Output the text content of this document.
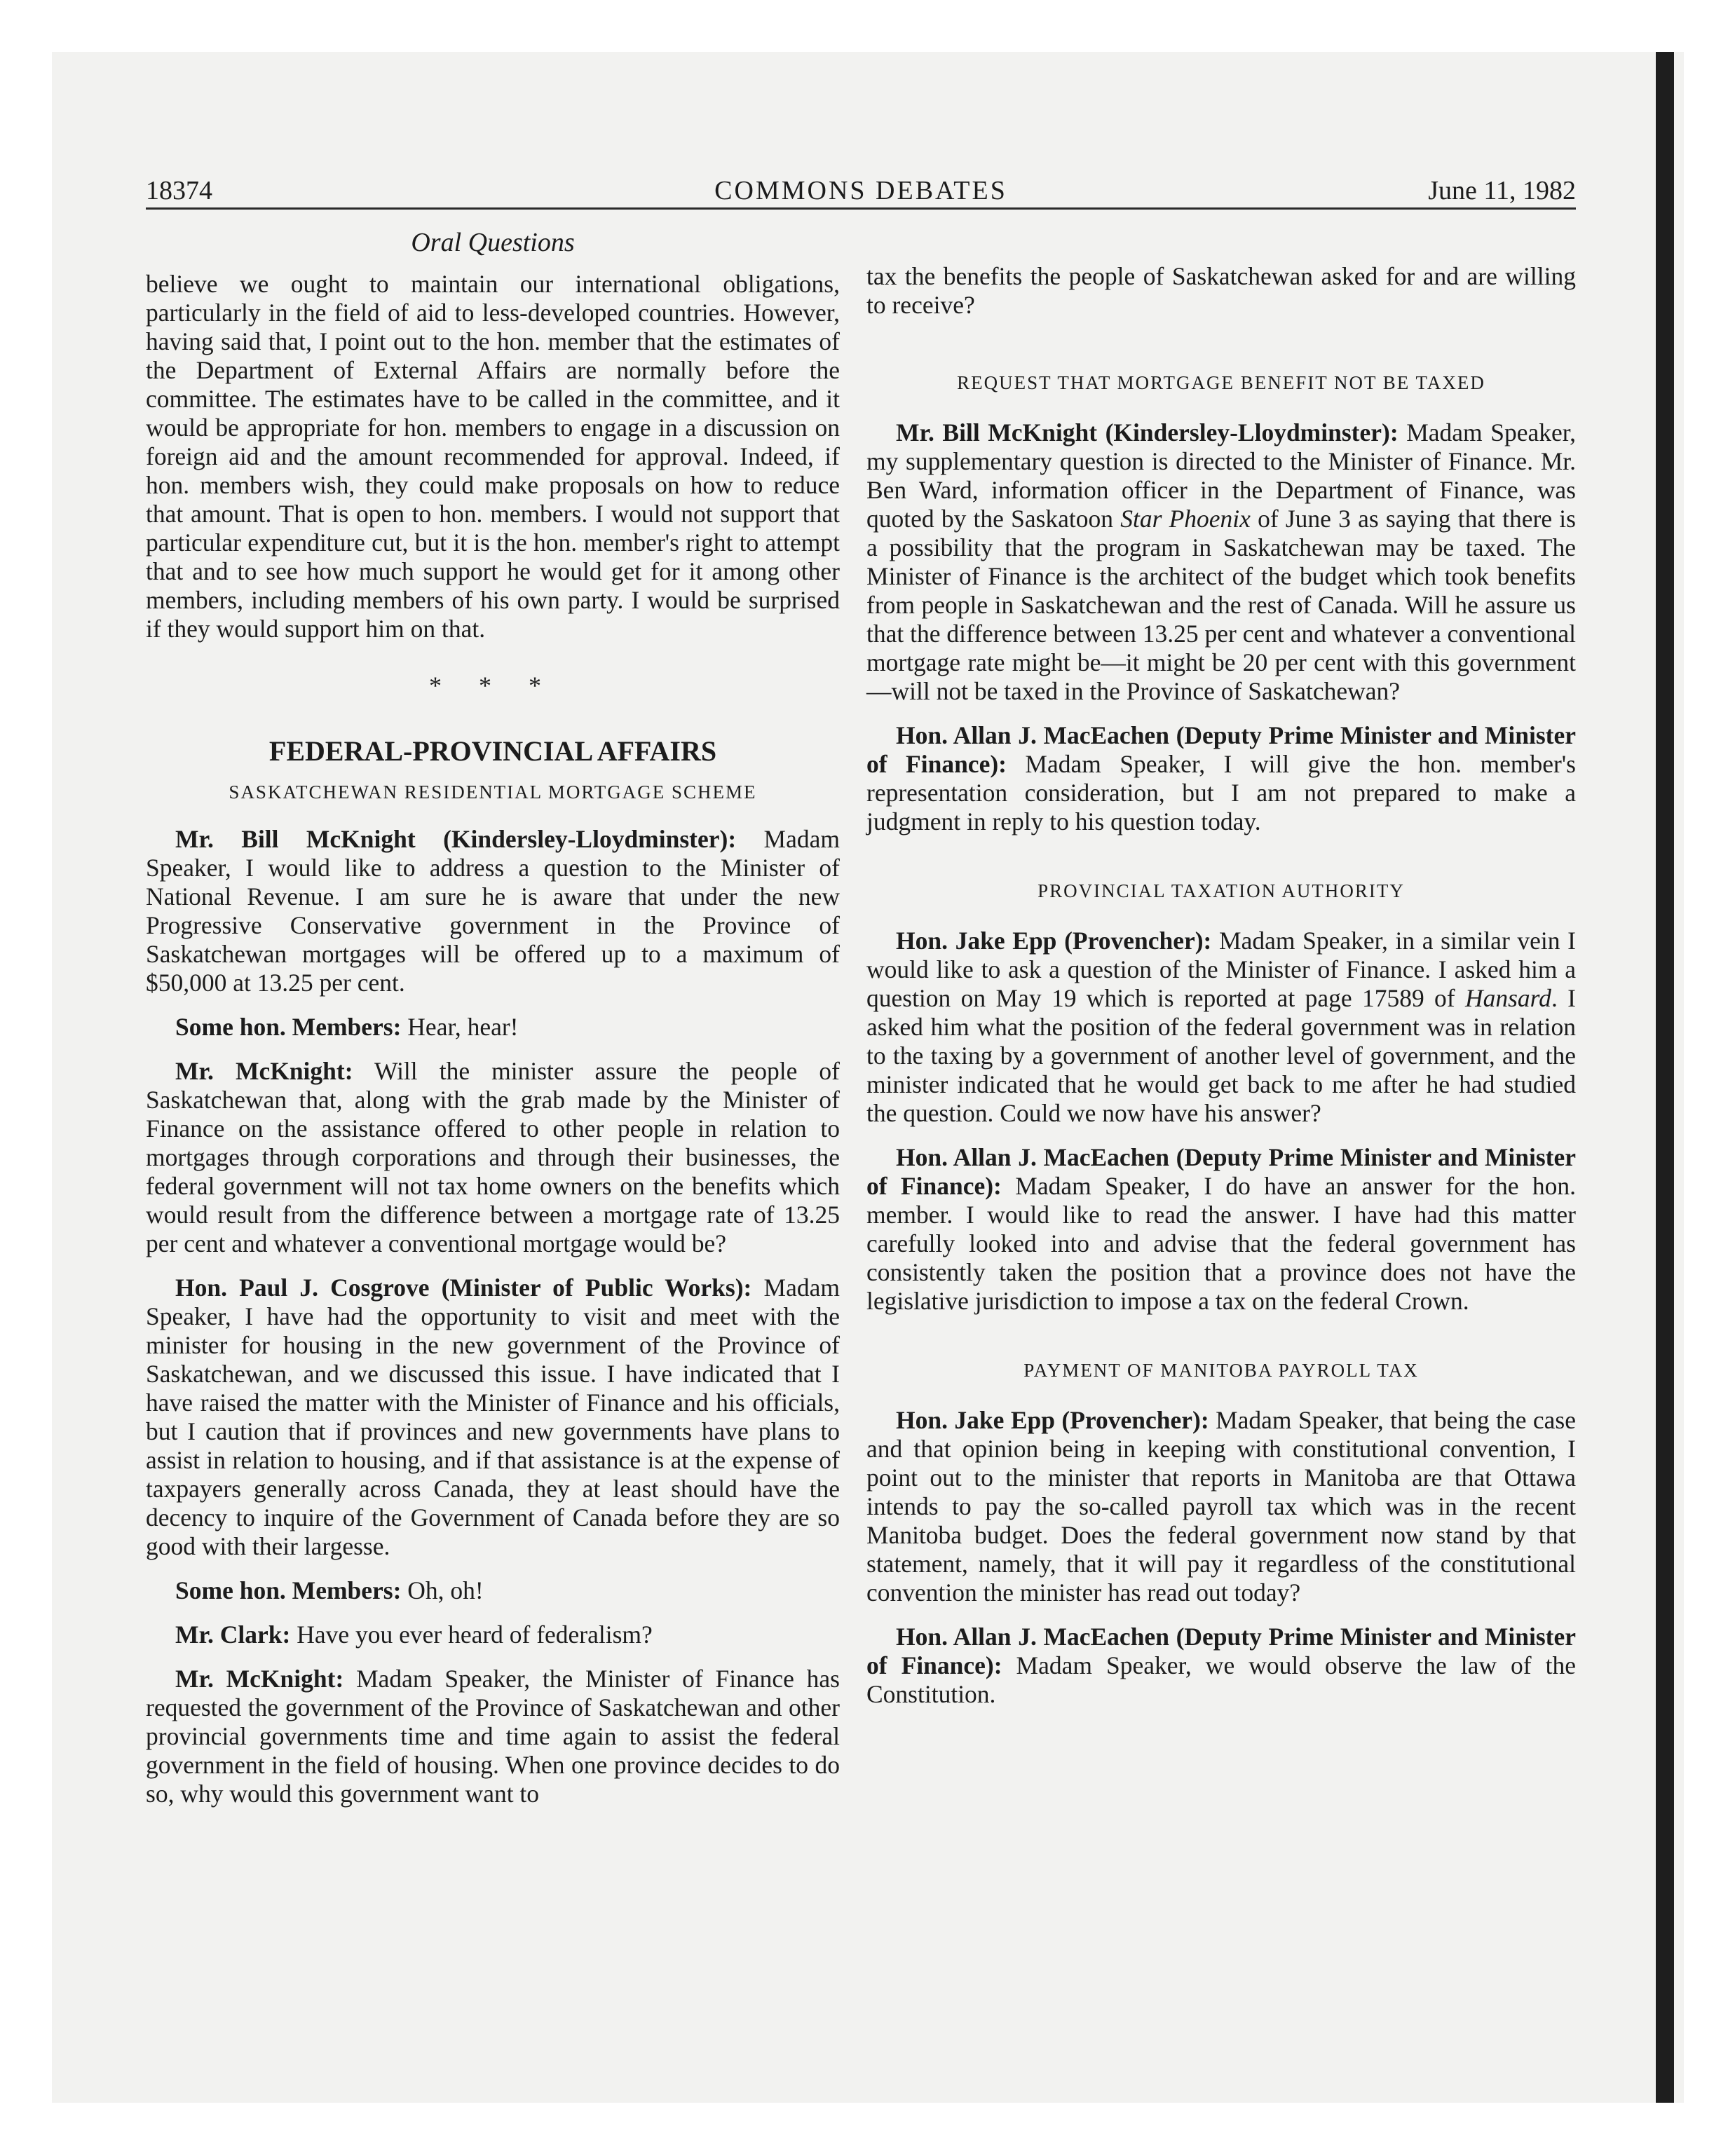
18374	COMMONS DEBATES	June 11, 1982
Oral Questions

believe we ought to maintain our international obligations, particularly in the field of aid to less-developed countries. However, having said that, I point out to the hon. member that the estimates of the Department of External Affairs are normally before the committee. The estimates have to be called in the committee, and it would be appropriate for hon. members to engage in a discussion on foreign aid and the amount recommended for approval. Indeed, if hon. members wish, they could make proposals on how to reduce that amount. That is open to hon. members. I would not support that particular expenditure cut, but it is the hon. member's right to attempt that and to see how much support he would get for it among other members, including members of his own party. I would be surprised if they would support him on that.

* * *
FEDERAL-PROVINCIAL AFFAIRS
SASKATCHEWAN RESIDENTIAL MORTGAGE SCHEME

Mr. Bill McKnight (Kindersley-Lloydminster): Madam Speaker, I would like to address a question to the Minister of National Revenue. I am sure he is aware that under the new Progressive Conservative government in the Province of Saskatchewan mortgages will be offered up to a maximum of $50,000 at 13.25 per cent.

Some hon. Members: Hear, hear!

Mr. McKnight: Will the minister assure the people of Saskatchewan that, along with the grab made by the Minister of Finance on the assistance offered to other people in relation to mortgages through corporations and through their businesses, the federal government will not tax home owners on the benefits which would result from the difference between a mortgage rate of 13.25 per cent and whatever a conventional mortgage would be?

Hon. Paul J. Cosgrove (Minister of Public Works): Madam Speaker, I have had the opportunity to visit and meet with the minister for housing in the new government of the Province of Saskatchewan, and we discussed this issue. I have indicated that I have raised the matter with the Minister of Finance and his officials, but I caution that if provinces and new governments have plans to assist in relation to housing, and if that assistance is at the expense of taxpayers generally across Canada, they at least should have the decency to inquire of the Government of Canada before they are so good with their largesse.

Some hon. Members: Oh, oh!

Mr. Clark: Have you ever heard of federalism?

Mr. McKnight: Madam Speaker, the Minister of Finance has requested the government of the Province of Saskatchewan and other provincial governments time and time again to assist the federal government in the field of housing. When one province decides to do so, why would this government want to

tax the benefits the people of Saskatchewan asked for and are willing to receive?

REQUEST THAT MORTGAGE BENEFIT NOT BE TAXED

Mr. Bill McKnight (Kindersley-Lloydminster): Madam Speaker, my supplementary question is directed to the Minister of Finance. Mr. Ben Ward, information officer in the Department of Finance, was quoted by the Saskatoon Star Phoenix of June 3 as saying that there is a possibility that the program in Saskatchewan may be taxed. The Minister of Finance is the architect of the budget which took benefits from people in Saskatchewan and the rest of Canada. Will he assure us that the difference between 13.25 per cent and whatever a conventional mortgage rate might be—it might be 20 per cent with this government—will not be taxed in the Province of Saskatchewan?

Hon. Allan J. MacEachen (Deputy Prime Minister and Minister of Finance): Madam Speaker, I will give the hon. member's representation consideration, but I am not prepared to make a judgment in reply to his question today.

PROVINCIAL TAXATION AUTHORITY

Hon. Jake Epp (Provencher): Madam Speaker, in a similar vein I would like to ask a question of the Minister of Finance. I asked him a question on May 19 which is reported at page 17589 of Hansard. I asked him what the position of the federal government was in relation to the taxing by a government of another level of government, and the minister indicated that he would get back to me after he had studied the question. Could we now have his answer?

Hon. Allan J. MacEachen (Deputy Prime Minister and Minister of Finance): Madam Speaker, I do have an answer for the hon. member. I would like to read the answer. I have had this matter carefully looked into and advise that the federal government has consistently taken the position that a province does not have the legislative jurisdiction to impose a tax on the federal Crown.

PAYMENT OF MANITOBA PAYROLL TAX

Hon. Jake Epp (Provencher): Madam Speaker, that being the case and that opinion being in keeping with constitutional convention, I point out to the minister that reports in Manitoba are that Ottawa intends to pay the so-called payroll tax which was in the recent Manitoba budget. Does the federal government now stand by that statement, namely, that it will pay it regardless of the constitutional convention the minister has read out today?

Hon. Allan J. MacEachen (Deputy Prime Minister and Minister of Finance): Madam Speaker, we would observe the law of the Constitution.
